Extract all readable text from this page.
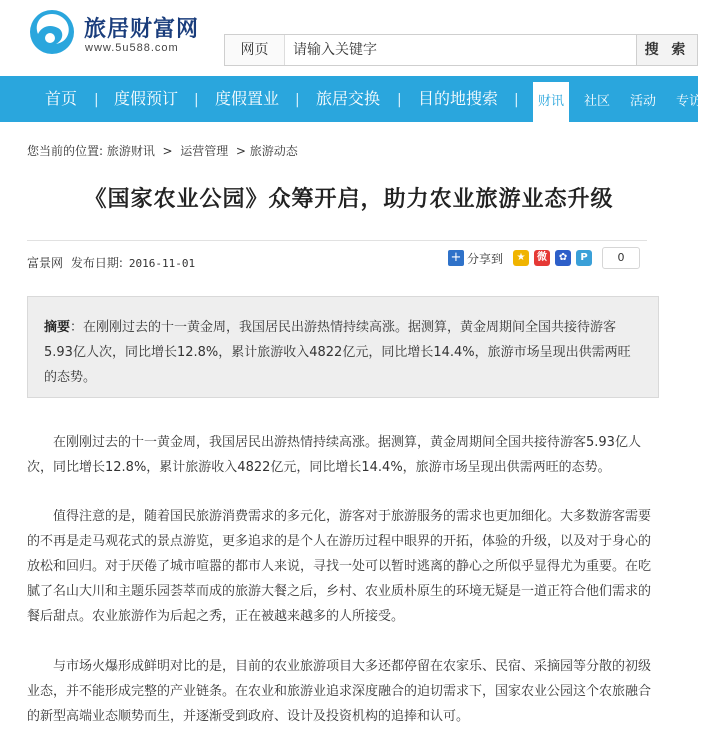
旅居财富网
www.5u588.com	网页
请输入关键字	搜 索
首页 | 度假预订 | 度假置业 | 旅居交换 | 目的地搜索 |	财讯	社区 活动 专访
您当前的位置: 旅游财讯  >  运营管理  > 旅游动态
《国家农业公园》众筹开启，助力农业旅游业态升级
富景网 发布日期: 2016-11-01	+ 分享到	★	微	✿	P	0
摘要：在刚刚过去的十一黄金周，我国居民出游热情持续高涨。据测算，黄金周期间全国共接待游客5.93亿人次，同比增长12.8%，累计旅游收入4822亿元，同比增长14.4%，旅游市场呈现出供需两旺的态势。

在刚刚过去的十一黄金周，我国居民出游热情持续高涨。据测算，黄金周期间全国共接待游客5.93亿人次，同比增长12.8%，累计旅游收入4822亿元，同比增长14.4%，旅游市场呈现出供需两旺的态势。

值得注意的是，随着国民旅游消费需求的多元化，游客对于旅游服务的需求也更加细化。大多数游客需要的不再是走马观花式的景点游览，更多追求的是个人在游历过程中眼界的开拓，体验的升级，以及对于身心的放松和回归。对于厌倦了城市喧嚣的都市人来说，寻找一处可以暂时逃离的静心之所似乎显得尤为重要。在吃腻了名山大川和主题乐园荟萃而成的旅游大餐之后，乡村、农业质朴原生的环境无疑是一道正符合他们需求的餐后甜点。农业旅游作为后起之秀，正在被越来越多的人所接受。

与市场火爆形成鲜明对比的是，目前的农业旅游项目大多还都停留在农家乐、民宿、采摘园等分散的初级业态，并不能形成完整的产业链条。在农业和旅游业追求深度融合的迫切需求下，国家农业公园这个农旅融合的新型高端业态顺势而生，并逐渐受到政府、设计及投资机构的追捧和认可。
